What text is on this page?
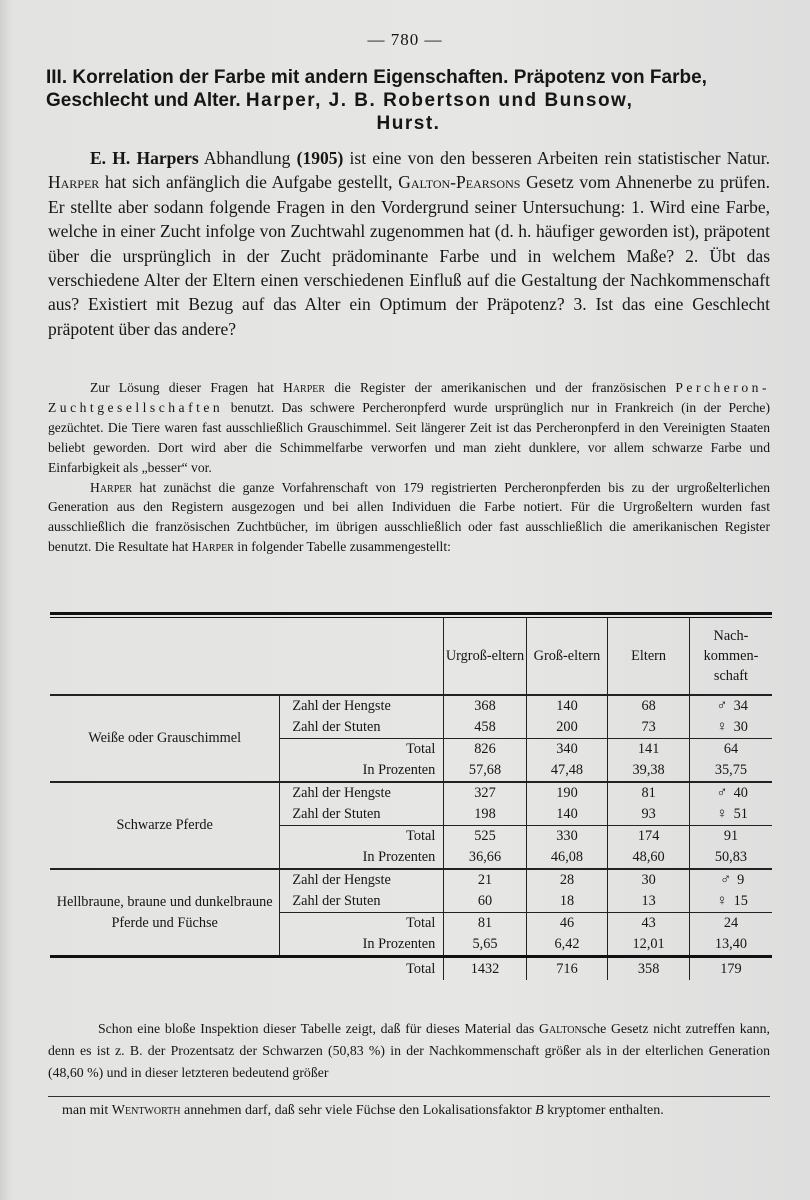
— 780 —
III. Korrelation der Farbe mit andern Eigenschaften. Präpotenz von Farbe, Geschlecht und Alter. Harper, J. B. Robertson und Bunsow,
Hurst.

E. H. Harpers Abhandlung (1905) ist eine von den besseren Arbeiten rein statistischer Natur. Harper hat sich anfänglich die Aufgabe gestellt, Galton-Pearsons Gesetz vom Ahnenerbe zu prüfen. Er stellte aber sodann folgende Fragen in den Vordergrund seiner Untersuchung: 1. Wird eine Farbe, welche in einer Zucht infolge von Zuchtwahl zugenommen hat (d. h. häufiger geworden ist), präpotent über die ursprünglich in der Zucht prädominante Farbe und in welchem Maße? 2. Übt das verschiedene Alter der Eltern einen verschiedenen Einfluß auf die Gestaltung der Nachkommenschaft aus? Existiert mit Bezug auf das Alter ein Optimum der Präpotenz? 3. Ist das eine Geschlecht präpotent über das andere?

Zur Lösung dieser Fragen hat Harper die Register der amerikanischen und der französischen Percheron-Zuchtgesellschaften benutzt. Das schwere Percheronpferd wurde ursprünglich nur in Frankreich (in der Perche) gezüchtet. Die Tiere waren fast ausschließlich Grauschimmel. Seit längerer Zeit ist das Percheronpferd in den Vereinigten Staaten beliebt geworden. Dort wird aber die Schimmelfarbe verworfen und man zieht dunklere, vor allem schwarze Farbe und Einfarbigkeit als „besser“ vor.

Harper hat zunächst die ganze Vorfahrenschaft von 179 registrierten Percheronpferden bis zu der urgroßelterlichen Generation aus den Registern ausgezogen und bei allen Individuen die Farbe notiert. Für die Urgroßeltern wurden fast ausschließlich die französischen Zuchtbücher, im übrigen ausschließlich oder fast ausschließlich die amerikanischen Register benutzt. Die Resultate hat Harper in folgender Tabelle zusammengestellt:

		Urgroß-eltern	Groß-eltern	Eltern	Nach-kommen-schaft
Weiße oder Grauschimmel	Zahl der Hengste	368	140	68	♂ 34
	Zahl der Stuten	458	200	73	♀ 30
	Total	826	340	141	64
	In Prozenten	57,68	47,48	39,38	35,75
Schwarze Pferde	Zahl der Hengste	327	190	81	♂ 40
	Zahl der Stuten	198	140	93	♀ 51
	Total	525	330	174	91
	In Prozenten	36,66	46,08	48,60	50,83
Hellbraune, braune und dunkelbraune Pferde und Füchse	Zahl der Hengste	21	28	30	♂ 9
	Zahl der Stuten	60	18	13	♀ 15
	Total	81	46	43	24
	In Prozenten	5,65	6,42	12,01	13,40
	Total	1432	716	358	179

Schon eine bloße Inspektion dieser Tabelle zeigt, daß für dieses Material das Galtonsche Gesetz nicht zutreffen kann, denn es ist z. B. der Prozentsatz der Schwarzen (50,83 %) in der Nachkommenschaft größer als in der elterlichen Generation (48,60 %) und in dieser letzteren bedeutend größer

man mit Wentworth annehmen darf, daß sehr viele Füchse den Lokalisationsfaktor B kryptomer enthalten.
